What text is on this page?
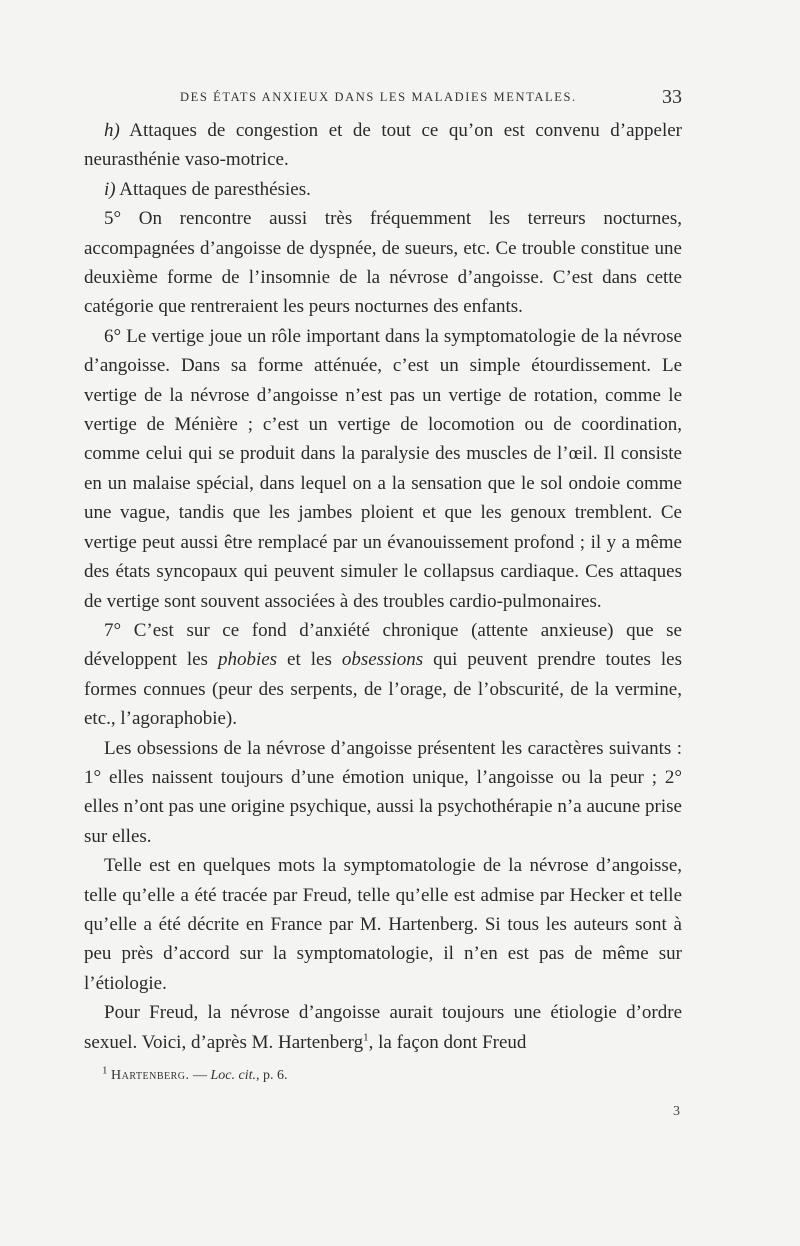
DES ÉTATS ANXIEUX DANS LES MALADIES MENTALES.	33

h) Attaques de congestion et de tout ce qu’on est convenu d’appeler neurasthénie vaso-motrice.

i) Attaques de paresthésies.

5° On rencontre aussi très fréquemment les terreurs nocturnes, accompagnées d’angoisse de dyspnée, de sueurs, etc. Ce trouble constitue une deuxième forme de l’insomnie de la névrose d’angoisse. C’est dans cette catégorie que rentreraient les peurs nocturnes des enfants.

6° Le vertige joue un rôle important dans la symptomatologie de la névrose d’angoisse. Dans sa forme atténuée, c’est un simple étourdissement. Le vertige de la névrose d’angoisse n’est pas un vertige de rotation, comme le vertige de Ménière ; c’est un vertige de locomotion ou de coordination, comme celui qui se produit dans la paralysie des muscles de l’œil. Il consiste en un malaise spécial, dans lequel on a la sensation que le sol ondoie comme une vague, tandis que les jambes ploient et que les genoux tremblent. Ce vertige peut aussi être remplacé par un évanouissement profond ; il y a même des états syncopaux qui peuvent simuler le collapsus cardiaque. Ces attaques de vertige sont souvent associées à des troubles cardio-pulmonaires.

7° C’est sur ce fond d’anxiété chronique (attente anxieuse) que se développent les phobies et les obsessions qui peuvent prendre toutes les formes connues (peur des serpents, de l’orage, de l’obscurité, de la vermine, etc., l’agoraphobie).

Les obsessions de la névrose d’angoisse présentent les caractères suivants : 1° elles naissent toujours d’une émotion unique, l’angoisse ou la peur ; 2° elles n’ont pas une origine psychique, aussi la psychothérapie n’a aucune prise sur elles.

Telle est en quelques mots la symptomatologie de la névrose d’angoisse, telle qu’elle a été tracée par Freud, telle qu’elle est admise par Hecker et telle qu’elle a été décrite en France par M. Hartenberg. Si tous les auteurs sont à peu près d’accord sur la symptomatologie, il n’en est pas de même sur l’étiologie.

Pour Freud, la névrose d’angoisse aurait toujours une étiologie d’ordre sexuel. Voici, d’après M. Hartenberg$^1$, la façon dont Freud

$^1$ Hartenberg. — Loc. cit., p. 6.
3
